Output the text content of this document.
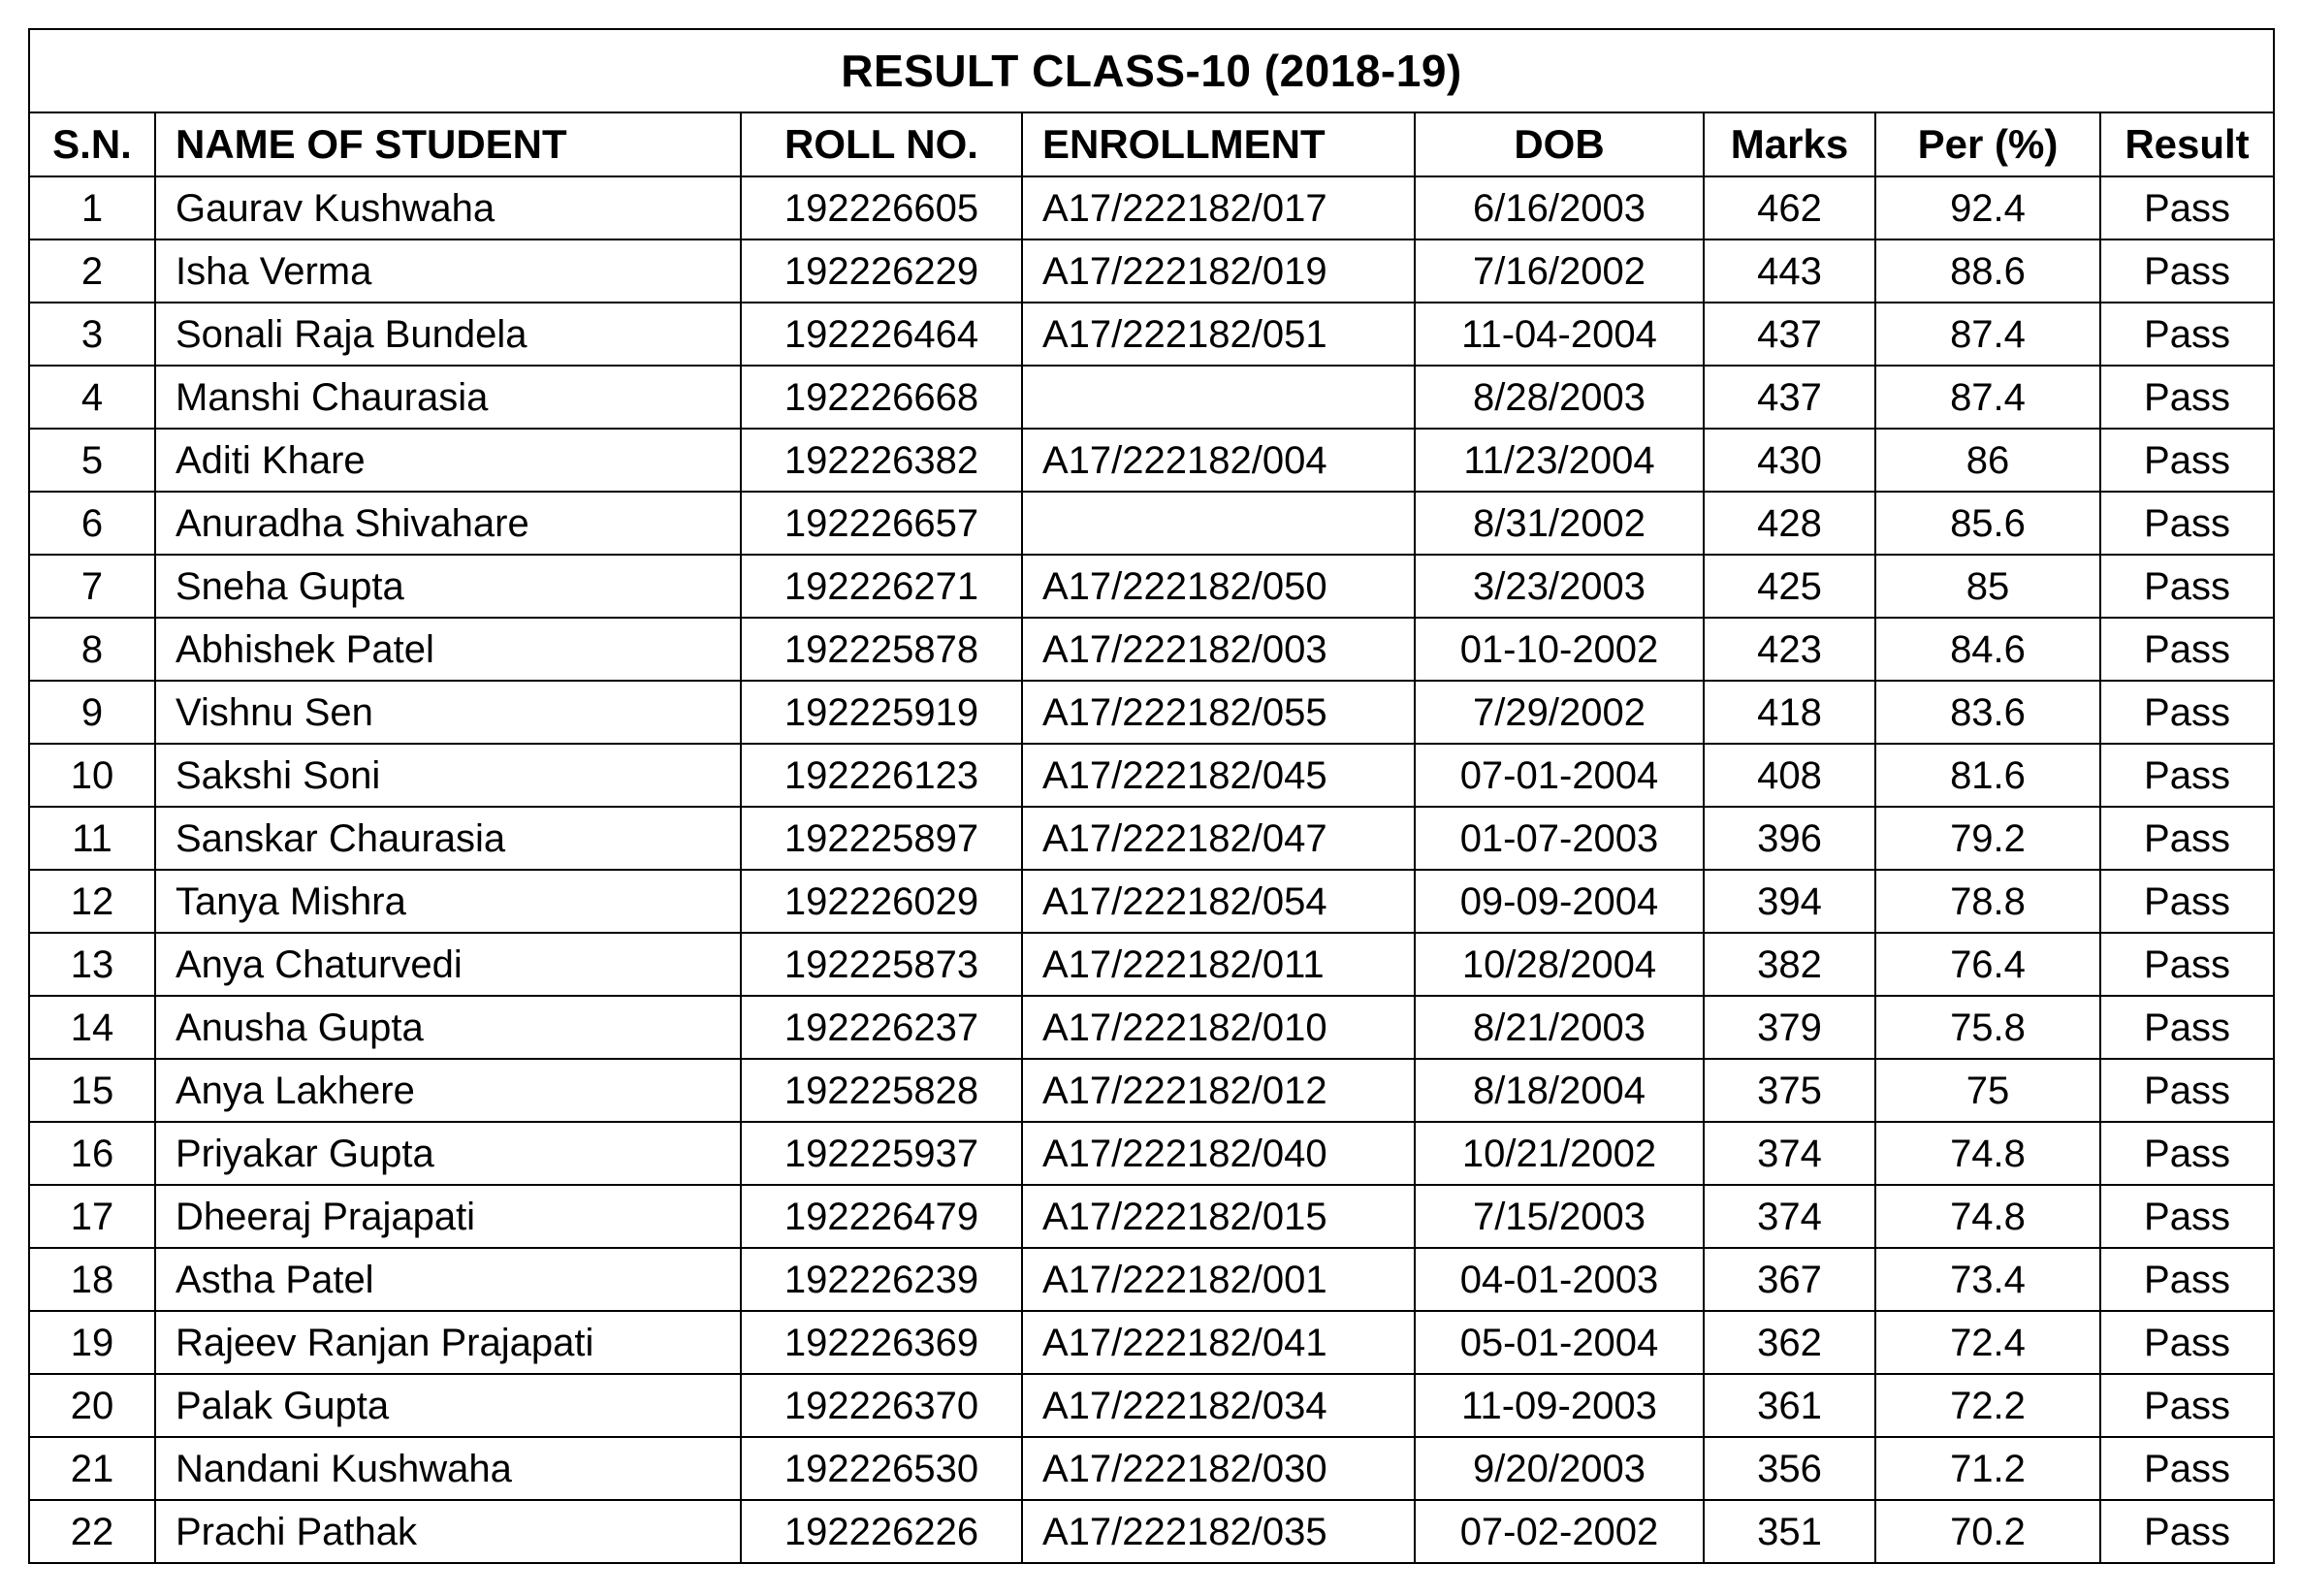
RESULT CLASS-10 (2018-19)							
S.N.	NAME OF STUDENT	ROLL NO.	ENROLLMENT	DOB	Marks	Per (%)	Result
1	Gaurav Kushwaha	192226605	A17/222182/017	6/16/2003	462	92.4	Pass
2	Isha Verma	192226229	A17/222182/019	7/16/2002	443	88.6	Pass
3	Sonali Raja Bundela	192226464	A17/222182/051	11-04-2004	437	87.4	Pass
4	Manshi Chaurasia	192226668		8/28/2003	437	87.4	Pass
5	Aditi Khare	192226382	A17/222182/004	11/23/2004	430	86	Pass
6	Anuradha Shivahare	192226657		8/31/2002	428	85.6	Pass
7	Sneha Gupta	192226271	A17/222182/050	3/23/2003	425	85	Pass
8	Abhishek Patel	192225878	A17/222182/003	01-10-2002	423	84.6	Pass
9	Vishnu Sen	192225919	A17/222182/055	7/29/2002	418	83.6	Pass
10	Sakshi Soni	192226123	A17/222182/045	07-01-2004	408	81.6	Pass
11	Sanskar Chaurasia	192225897	A17/222182/047	01-07-2003	396	79.2	Pass
12	Tanya Mishra	192226029	A17/222182/054	09-09-2004	394	78.8	Pass
13	Anya Chaturvedi	192225873	A17/222182/011	10/28/2004	382	76.4	Pass
14	Anusha Gupta	192226237	A17/222182/010	8/21/2003	379	75.8	Pass
15	Anya Lakhere	192225828	A17/222182/012	8/18/2004	375	75	Pass
16	Priyakar Gupta	192225937	A17/222182/040	10/21/2002	374	74.8	Pass
17	Dheeraj Prajapati	192226479	A17/222182/015	7/15/2003	374	74.8	Pass
18	Astha Patel	192226239	A17/222182/001	04-01-2003	367	73.4	Pass
19	Rajeev Ranjan Prajapati	192226369	A17/222182/041	05-01-2004	362	72.4	Pass
20	Palak Gupta	192226370	A17/222182/034	11-09-2003	361	72.2	Pass
21	Nandani Kushwaha	192226530	A17/222182/030	9/20/2003	356	71.2	Pass
22	Prachi Pathak	192226226	A17/222182/035	07-02-2002	351	70.2	Pass
